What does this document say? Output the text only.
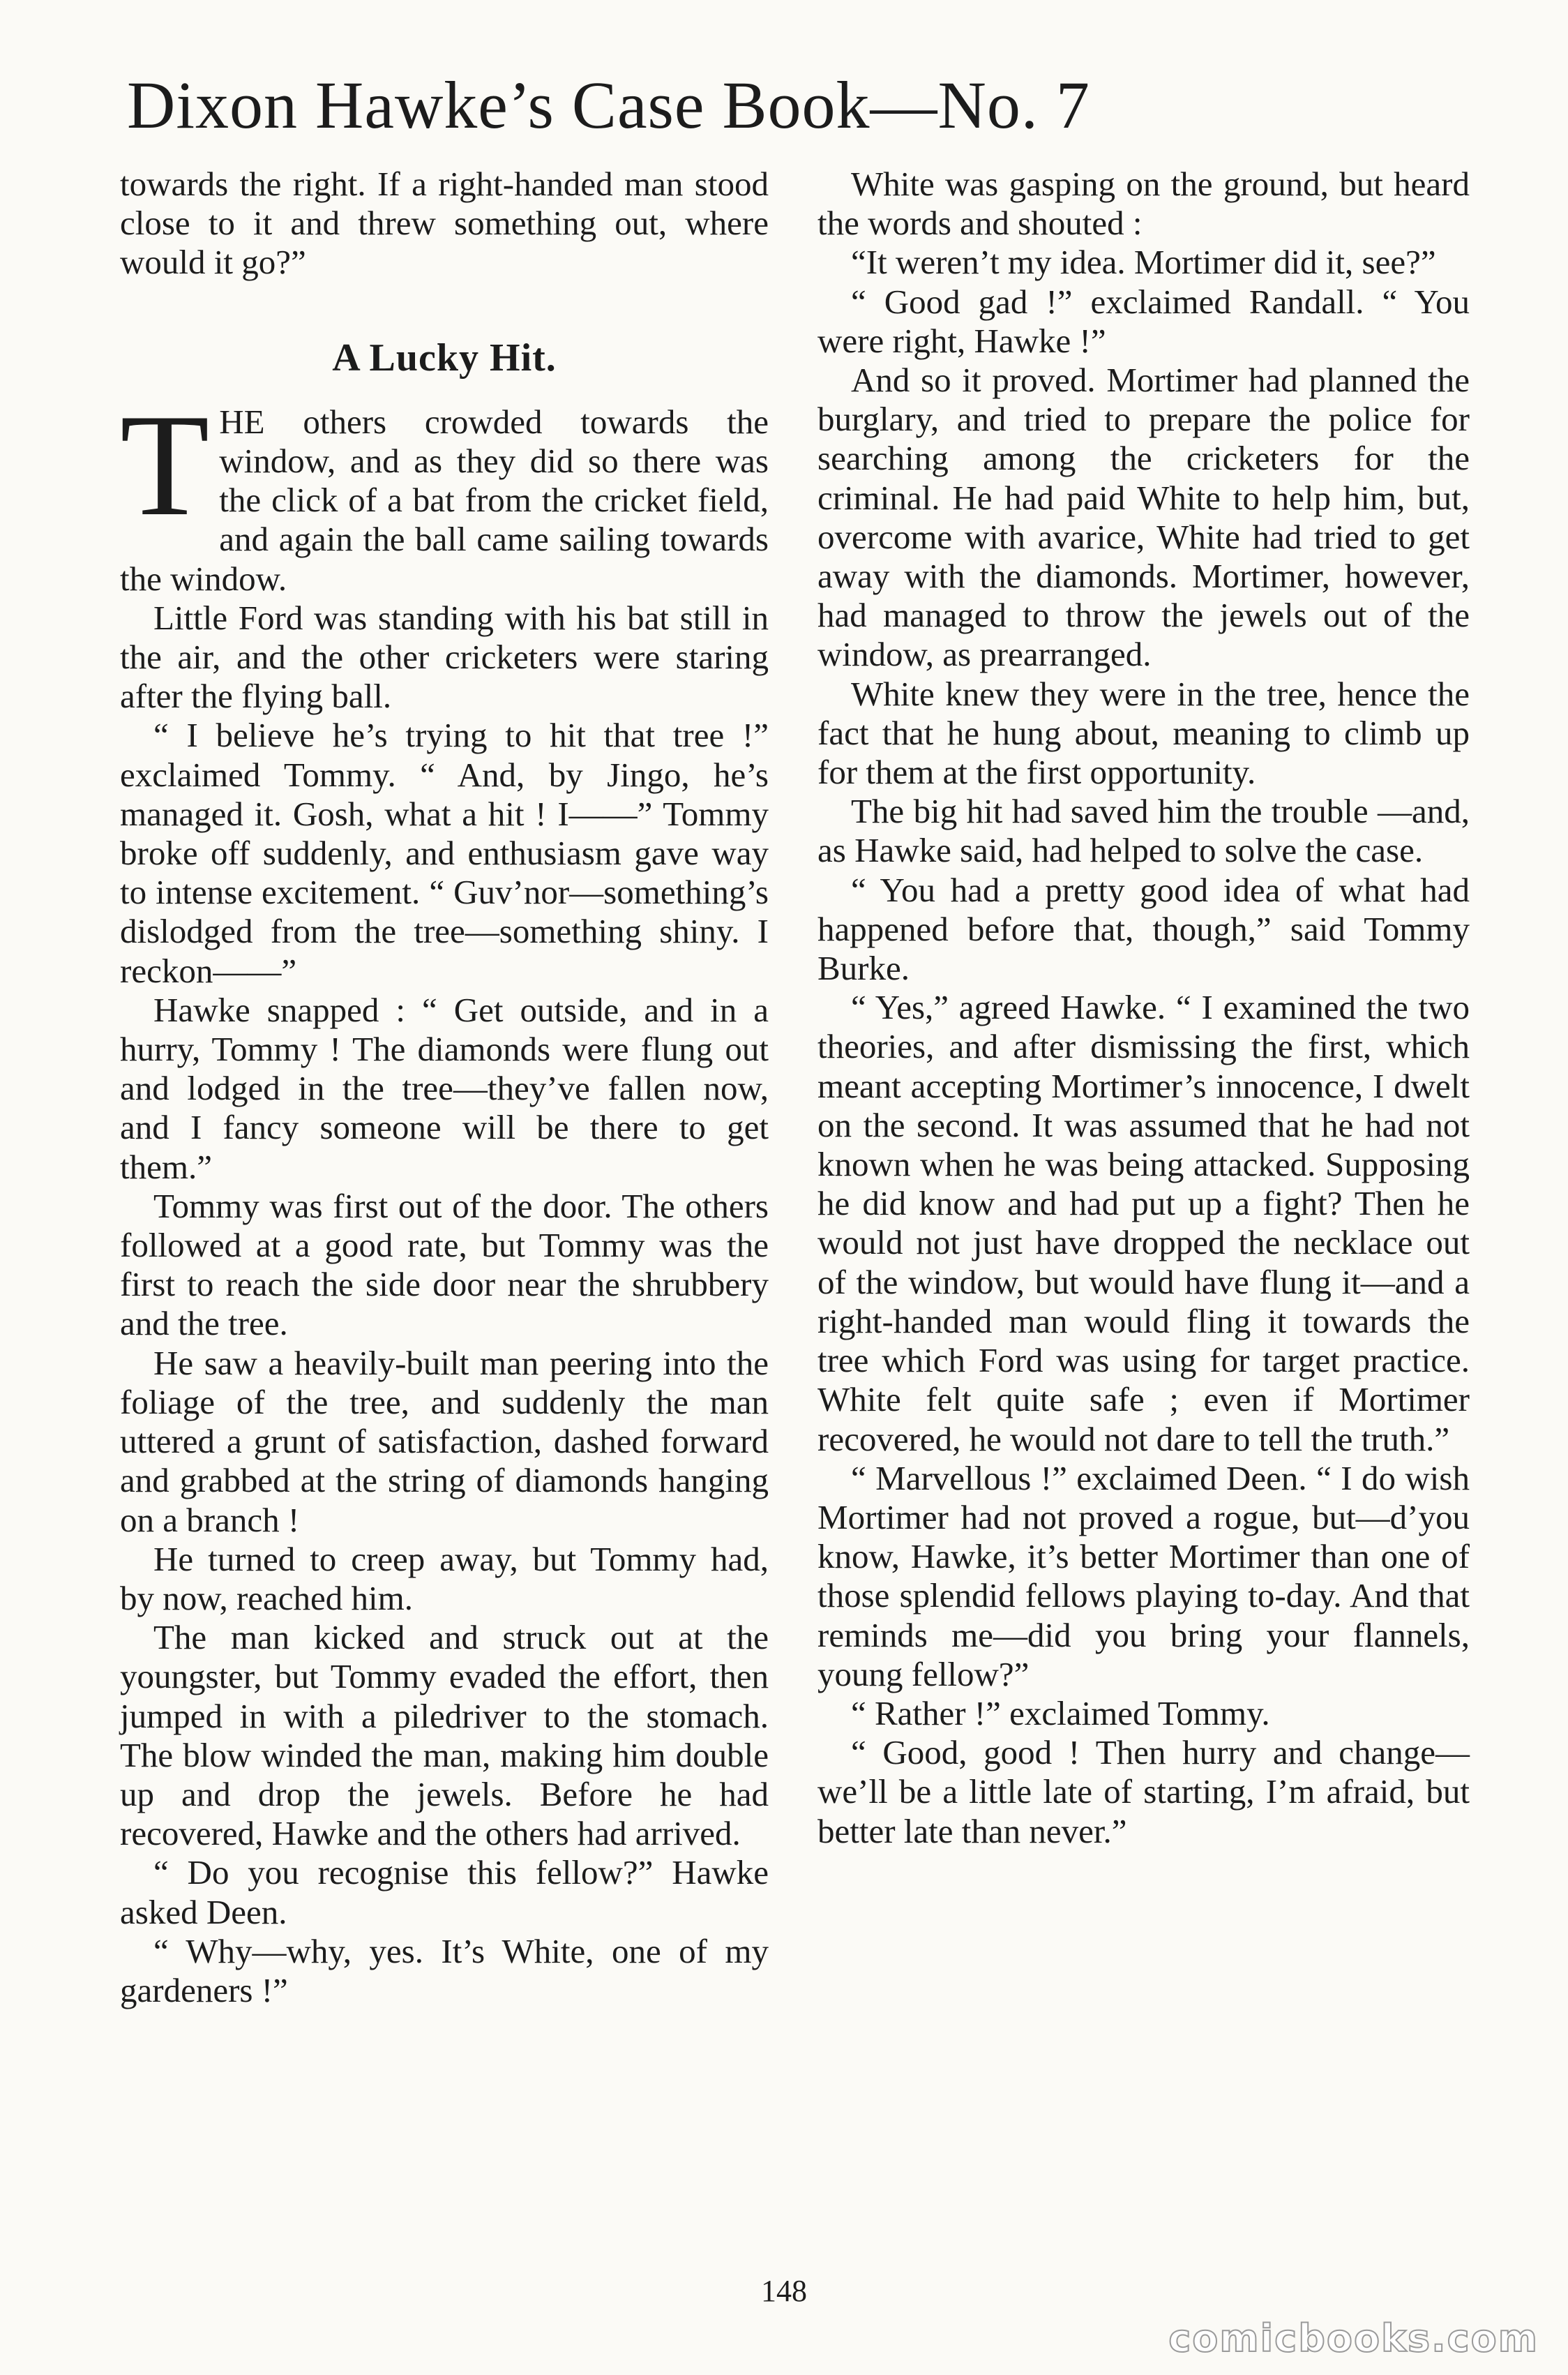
Dixon Hawke’s Case Book—No. 7

towards the right. If a right-handed man stood close to it and threw something out, where would it go?”

A Lucky Hit.

THE others crowded towards the window, and as they did so there was the click of a bat from the cricket field, and again the ball came sailing towards the window.

Little Ford was standing with his bat still in the air, and the other cricketers were staring after the flying ball.

“ I believe he’s trying to hit that tree !” exclaimed Tommy. “ And, by Jingo, he’s managed it. Gosh, what a hit ! I——” Tommy broke off suddenly, and enthusiasm gave way to intense excitement. “ Guv’nor—something’s dislodged from the tree—something shiny. I reckon——”

Hawke snapped : “ Get outside, and in a hurry, Tommy ! The diamonds were flung out and lodged in the tree—they’ve fallen now, and I fancy someone will be there to get them.”

Tommy was first out of the door. The others followed at a good rate, but Tommy was the first to reach the side door near the shrubbery and the tree.

He saw a heavily-built man peering into the foliage of the tree, and suddenly the man uttered a grunt of satisfaction, dashed forward and grabbed at the string of diamonds hanging on a branch !

He turned to creep away, but Tommy had, by now, reached him.

The man kicked and struck out at the youngster, but Tommy evaded the effort, then jumped in with a piledriver to the stomach. The blow winded the man, making him double up and drop the jewels. Before he had recovered, Hawke and the others had arrived.

“ Do you recognise this fellow?” Hawke asked Deen.

“ Why—why, yes. It’s White, one of my gardeners !”

White was gasping on the ground, but heard the words and shouted :

“It weren’t my idea. Mortimer did it, see?”

“ Good gad !” exclaimed Randall. “ You were right, Hawke !”

And so it proved. Mortimer had planned the burglary, and tried to prepare the police for searching among the cricketers for the criminal. He had paid White to help him, but, overcome with avarice, White had tried to get away with the diamonds. Mortimer, however, had managed to throw the jewels out of the window, as prearranged.

White knew they were in the tree, hence the fact that he hung about, meaning to climb up for them at the first opportunity.

The big hit had saved him the trouble —and, as Hawke said, had helped to solve the case.

“ You had a pretty good idea of what had happened before that, though,” said Tommy Burke.

“ Yes,” agreed Hawke. “ I examined the two theories, and after dismissing the first, which meant accepting Mortimer’s innocence, I dwelt on the second. It was assumed that he had not known when he was being attacked. Supposing he did know and had put up a fight? Then he would not just have dropped the necklace out of the window, but would have flung it—and a right-handed man would fling it towards the tree which Ford was using for target practice. White felt quite safe ; even if Mortimer recovered, he would not dare to tell the truth.”

“ Marvellous !” exclaimed Deen. “ I do wish Mortimer had not proved a rogue, but—d’you know, Hawke, it’s better Mortimer than one of those splendid fellows playing to-day. And that reminds me—did you bring your flannels, young fellow?”

“ Rather !” exclaimed Tommy.

“ Good, good ! Then hurry and change—we’ll be a little late of starting, I’m afraid, but better late than never.”

148
comicbooks.com
